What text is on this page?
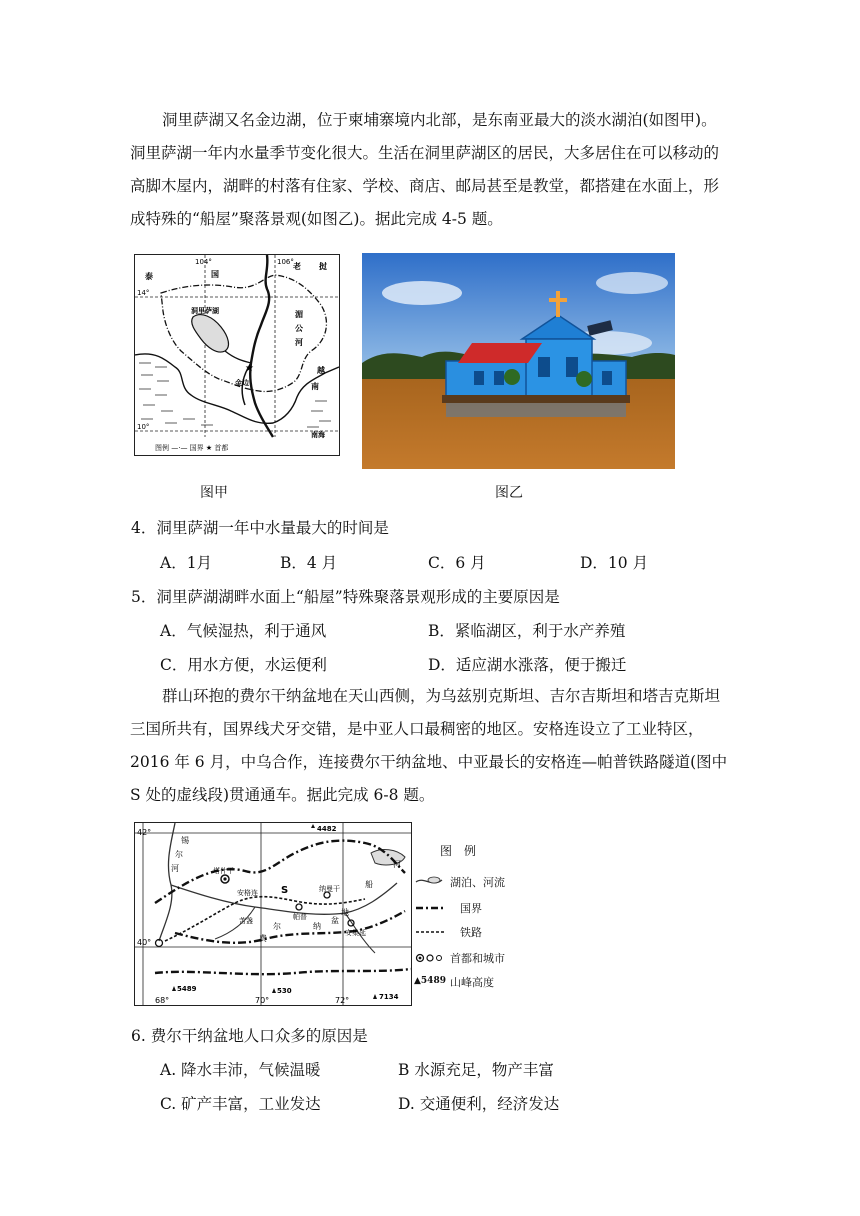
洞里萨湖又名金边湖，位于柬埔寨境内北部，是东南亚最大的淡水湖泊(如图甲)。洞里萨湖一年内水量季节变化很大。生活在洞里萨湖区的居民，大多居住在可以移动的高脚木屋内，湖畔的村落有住家、学校、商店、邮局甚至是教堂，都搭建在水面上，形成特殊的“船屋”聚落景观(如图乙)。据此完成 4-5 题。

★
14°
10°
104°	106°
泰	国
老 挝
湄
公
河
洞里萨湖
金边
越
南
南海
图例 —·— 国界 ★ 首都
图甲	图乙
4．洞里萨湖一年中水量最大的时间是
A．1月	B．4 月	C．6 月	D．10 月
5．洞里萨湖湖畔水面上“船屋”特殊聚落景观形成的主要原因是
A．气候湿热，利于通风	B．紧临湖区，利于水产养殖
C．用水方便，水运便利	D．适应湖水涨落，便于搬迁

群山环抱的费尔干纳盆地在天山西侧，为乌兹别克斯坦、吉尔吉斯坦和塔吉克斯坦三国所共有，国界线犬牙交错，是中亚人口最稠密的地区。安格连设立了工业特区，2016 年 6 月，中乌合作，连接费尔干纳盆地、中亚最长的安格连—帕普铁路隧道(图中 S 处的虚线段)贯通通车。据此完成 6-8 题。

42°
40°
68°	70°	72°
4482
5489	530
7134
锡
尔
河	塔什干
安格连 S
帕普
纳曼干
安集延
苦盏
费
尔	纳
盆
地
河
船
图　例
湖泊、河流
国界
铁路
首都和城市
▲5489 山峰高度
6. 费尔干纳盆地人口众多的原因是
A. 降水丰沛，气候温暖	B 水源充足，物产丰富
C. 矿产丰富，工业发达	D. 交通便利，经济发达
